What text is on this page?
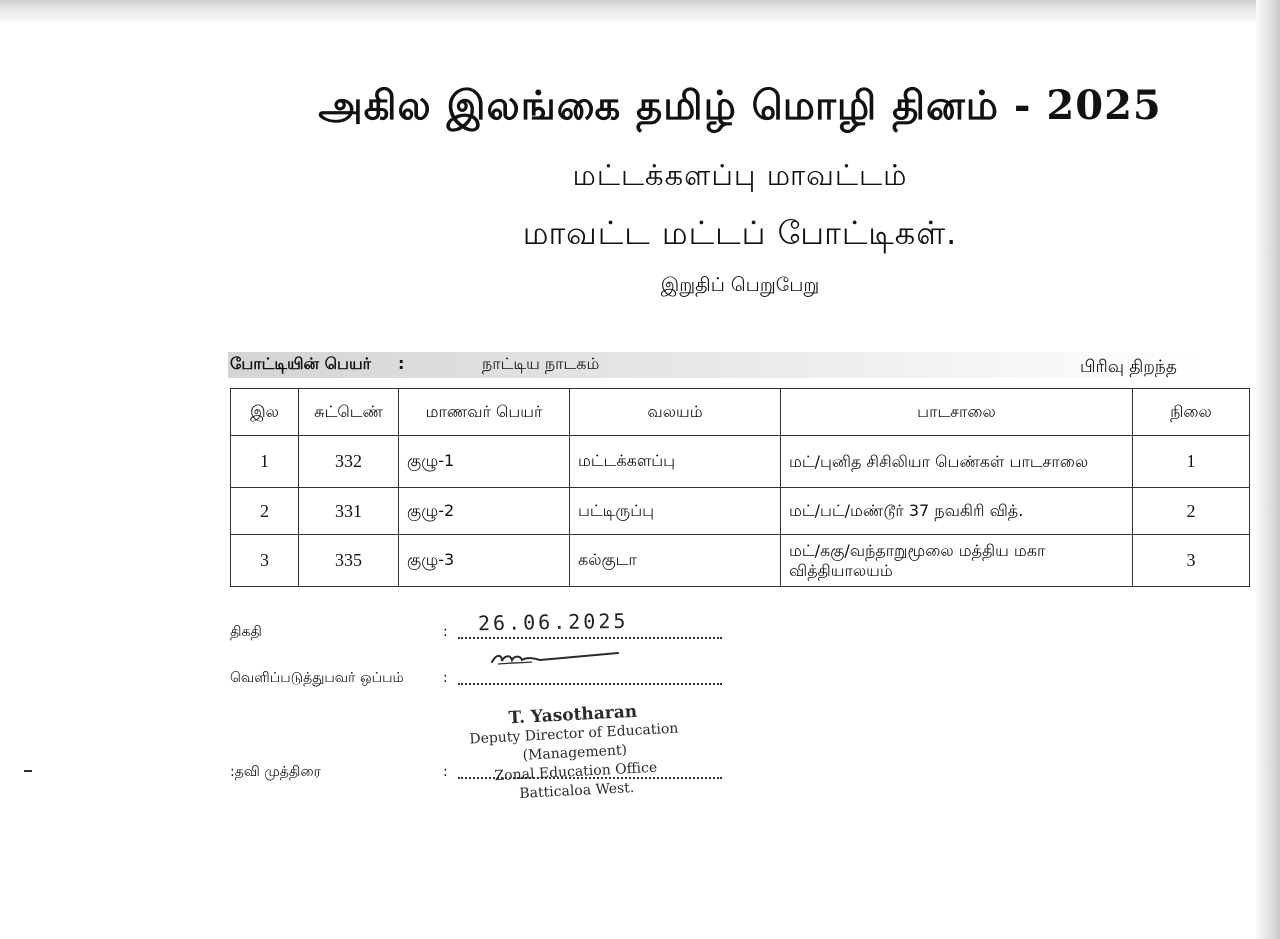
அகில இலங்கை தமிழ் மொழி தினம் - 2025
மட்டக்களப்பு மாவட்டம்
மாவட்ட மட்டப் போட்டிகள்.
இறுதிப் பெறுபேறு
போட்டியின் பெயர் :	நாட்டிய நாடகம்	பிரிவு திறந்த
இல	சுட்டெண்	மாணவர் பெயர்	வலயம்	பாடசாலை	நிலை
1	332	குழு-1	மட்டக்களப்பு	மட்/புனித சிசிலியா பெண்கள் பாடசாலை	1
2	331	குழு-2	பட்டிருப்பு	மட்/பட்/மண்டூர் 37 நவகிரி வித்.	2
3	335	குழு-3	கல்குடா	மட்/ககு/வந்தாறுமூலை மத்திய மகா வித்தியாலயம்	3
திகதி	: 26.06.2025
வெளிப்படுத்துபவர் ஒப்பம்	:
:தவி முத்திரை	:
T. Yasotharan
Deputy Director of Education
(Management)
Zonal Education Office
Batticaloa West.
